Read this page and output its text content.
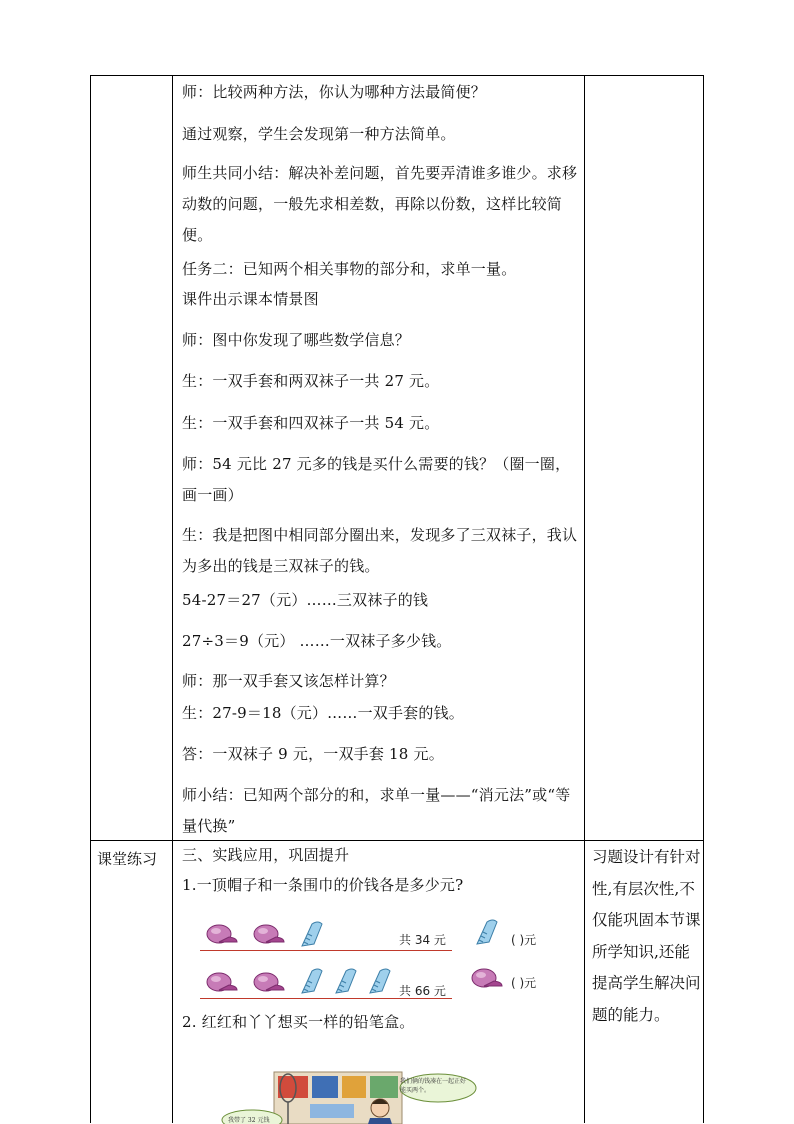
师：比较两种方法，你认为哪种方法最简便？
通过观察，学生会发现第一种方法简单。
师生共同小结：解决补差问题，首先要弄清谁多谁少。求移动数的问题，一般先求相差数，再除以份数，这样比较简便。
任务二：已知两个相关事物的部分和，求单一量。
课件出示课本情景图
师：图中你发现了哪些数学信息？
生：一双手套和两双袜子一共 27 元。
生：一双手套和四双袜子一共 54 元。
师：54 元比 27 元多的钱是买什么需要的钱？（圈一圈，画一画）
生：我是把图中相同部分圈出来，发现多了三双袜子，我认为多出的钱是三双袜子的钱。
54-27＝27（元）……三双袜子的钱
27÷3＝9（元） ……一双袜子多少钱。
师：那一双手套又该怎样计算？
生：27-9＝18（元）……一双手套的钱。
答：一双袜子 9 元，一双手套 18 元。
师小结：已知两个部分的和，求单一量——“消元法”或“等量代换”
课堂练习 三、实践应用，巩固提升
1.一顶帽子和一条围巾的价钱各是多少元?
共 34 元	( )元
共 66 元
( )元
2. 红红和丫丫想买一样的铅笔盒。
我们俩的钱凑在一起正好能买两个。
我带了 32 元钱
习题设计有针对性,有层次性,不仅能巩固本节课所学知识,还能提高学生解决问题的能力。
